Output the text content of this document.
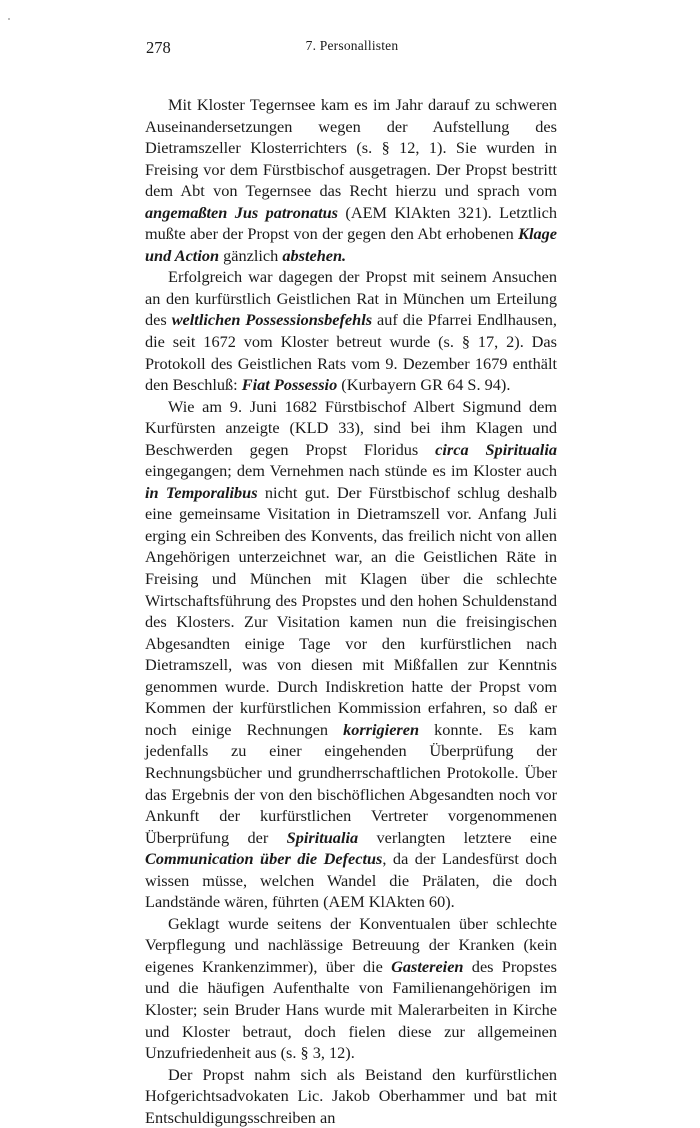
278	7. Personallisten

Mit Kloster Tegernsee kam es im Jahr darauf zu schweren Auseinandersetzungen wegen der Aufstellung des Dietramszeller Klosterrichters (s. § 12, 1). Sie wurden in Freising vor dem Fürstbischof ausgetragen. Der Propst bestritt dem Abt von Tegernsee das Recht hierzu und sprach vom angemaßten Jus patronatus (AEM KlAkten 321). Letztlich mußte aber der Propst von der gegen den Abt erhobenen Klage und Action gänzlich abstehen.

Erfolgreich war dagegen der Propst mit seinem Ansuchen an den kurfürstlich Geistlichen Rat in München um Erteilung des weltlichen Possessionsbefehls auf die Pfarrei Endlhausen, die seit 1672 vom Kloster betreut wurde (s. § 17, 2). Das Protokoll des Geistlichen Rats vom 9. Dezember 1679 enthält den Beschluß: Fiat Possessio (Kurbayern GR 64 S. 94).

Wie am 9. Juni 1682 Fürstbischof Albert Sigmund dem Kurfürsten anzeigte (KLD 33), sind bei ihm Klagen und Beschwerden gegen Propst Floridus circa Spiritualia eingegangen; dem Vernehmen nach stünde es im Kloster auch in Temporalibus nicht gut. Der Fürstbischof schlug deshalb eine gemeinsame Visitation in Dietramszell vor. Anfang Juli erging ein Schreiben des Konvents, das freilich nicht von allen Angehörigen unterzeichnet war, an die Geistlichen Räte in Freising und München mit Klagen über die schlechte Wirtschaftsführung des Propstes und den hohen Schuldenstand des Klosters. Zur Visitation kamen nun die freisingischen Abgesandten einige Tage vor den kurfürstlichen nach Dietramszell, was von diesen mit Mißfallen zur Kenntnis genommen wurde. Durch Indiskretion hatte der Propst vom Kommen der kurfürstlichen Kommission erfahren, so daß er noch einige Rechnungen korrigieren konnte. Es kam jedenfalls zu einer eingehenden Überprüfung der Rechnungsbücher und grundherrschaftlichen Protokolle. Über das Ergebnis der von den bischöflichen Abgesandten noch vor Ankunft der kurfürstlichen Vertreter vorgenommenen Überprüfung der Spiritualia verlangten letztere eine Communication über die Defectus, da der Landesfürst doch wissen müsse, welchen Wandel die Prälaten, die doch Landstände wären, führten (AEM KlAkten 60).

Geklagt wurde seitens der Konventualen über schlechte Verpflegung und nachlässige Betreuung der Kranken (kein eigenes Krankenzimmer), über die Gastereien des Propstes und die häufigen Aufenthalte von Familienangehörigen im Kloster; sein Bruder Hans wurde mit Malerarbeiten in Kirche und Kloster betraut, doch fielen diese zur allgemeinen Unzufriedenheit aus (s. § 3, 12).

Der Propst nahm sich als Beistand den kurfürstlichen Hofgerichtsadvokaten Lic. Jakob Oberhammer und bat mit Entschuldigungsschreiben an
